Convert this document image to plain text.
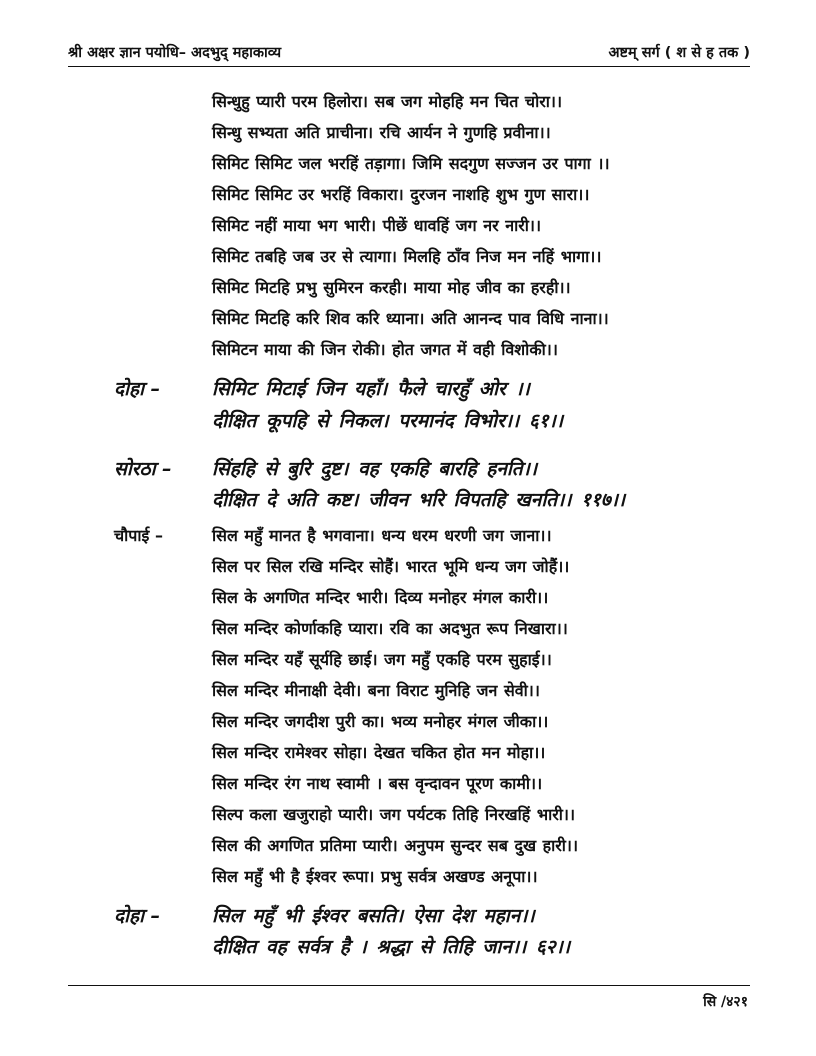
श्री अक्षर ज्ञान पयोधि– अदभुद् महाकाव्य	अष्टम् सर्ग ( श से ह तक )
सिन्धुहु प्यारी परम हिलोरा। सब जग मोहहि मन चित चोरा।।
सिन्धु सभ्यता अति प्राचीना। रचि आर्यन ने गुणहि प्रवीना।।
सिमिट सिमिट जल भरहिं तड़ागा। जिमि सदगुण सज्जन उर पागा ।।
सिमिट सिमिट उर भरहिं विकारा। दुरजन नाशहि शुभ गुण सारा।।
सिमिट नहीं माया भग भारी। पीछें धावहिं जग नर नारी।।
सिमिट तबहि जब उर से त्यागा। मिलहि ठाँव निज मन नहिं भागा।।
सिमिट मिटहि प्रभु सुमिरन करही। माया मोह जीव का हरही।।
सिमिट मिटहि करि शिव करि ध्याना। अति आनन्द पाव विधि नाना।।
सिमिटन माया की जिन रोकी। होत जगत में वही विशोकी।।
दोहा –	सिमिट मिटाई जिन यहाँ। फैले चारहुँ ओर ।।
दीक्षित कूपहि से निकल। परमानंद विभोर।। ६१।।
सोरठा – सिंहहि से बुरि दुष्ट। वह एकहि बारहि हनति।।
दीक्षित दे अति कष्ट। जीवन भरि विपतहि खनति।। ११७।।
चौपाई –	सिल महुँ मानत है भगवाना। धन्य धरम धरणी जग जाना।।
सिल पर सिल रखि मन्दिर सोहैं। भारत भूमि धन्य जग जोहैं।।
सिल के अगणित मन्दिर भारी। दिव्य मनोहर मंगल कारी।।
सिल मन्दिर कोर्णाकहि प्यारा। रवि का अदभुत रूप निखारा।।
सिल मन्दिर यहँ सूर्यहि छाई। जग महुँ एकहि परम सुहाई।।
सिल मन्दिर मीनाक्षी देवी। बना विराट मुनिहि जन सेवी।।
सिल मन्दिर जगदीश पुरी का। भव्य मनोहर मंगल जीका।।
सिल मन्दिर रामेश्वर सोहा। देखत चकित होत मन मोहा।।
सिल मन्दिर रंग नाथ स्वामी । बस वृन्दावन पूरण कामी।।
सिल्प कला खजुराहो प्यारी। जग पर्यटक तिहि निरखहिं भारी।।
सिल की अगणित प्रतिमा प्यारी। अनुपम सुन्दर सब दुख हारी।।
सिल महुँ भी है ईश्वर रूपा। प्रभु सर्वत्र अखण्ड अनूपा।।
दोहा –	सिल महुँ भी ईश्वर बसति। ऐसा देश महान।।
दीक्षित वह सर्वत्र है । श्रद्धा से तिहि जान।। ६२।।
सि /४२१
